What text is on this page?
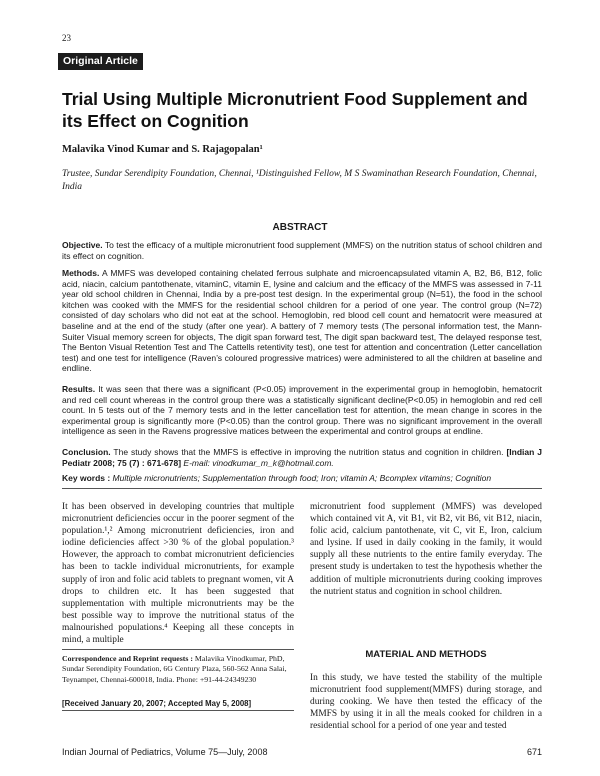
23
Original Article
Trial Using Multiple Micronutrient Food Supplement and its Effect on Cognition
Malavika Vinod Kumar and S. Rajagopalan¹
Trustee, Sundar Serendipity Foundation, Chennai, ¹Distinguished Fellow, M S Swaminathan Research Foundation, Chennai, India
ABSTRACT
Objective. To test the efficacy of a multiple micronutrient food supplement (MMFS) on the nutrition status of school children and its effect on cognition.
Methods. A MMFS was developed containing chelated ferrous sulphate and microencapsulated vitamin A, B2, B6, B12, folic acid, niacin, calcium pantothenate, vitaminC, vitamin E, lysine and calcium and the efficacy of the MMFS was assessed in 7-11 year old school children in Chennai, India by a pre-post test design. In the experimental group (N=51), the food in the school kitchen was cooked with the MMFS for the residential school children for a period of one year. The control group (N=72) consisted of day scholars who did not eat at the school. Hemoglobin, red blood cell count and hematocrit were measured at baseline and at the end of the study (after one year). A battery of 7 memory tests (The personal information test, the Mann-Suiter Visual memory screen for objects, The digit span forward test, The digit span backward test, The delayed response test, The Benton Visual Retention Test and The Cattells retentivity test), one test for attention and concentration (Letter cancellation test) and one test for intelligence (Raven’s coloured progressive matrices) were administered to all the children at baseline and endline.
Results. It was seen that there was a significant (P<0.05) improvement in the experimental group in hemoglobin, hematocrit and red cell count whereas in the control group there was a statistically significant decline(P<0.05) in hemoglobin and red cell count. In 5 tests out of the 7 memory tests and in the letter cancellation test for attention, the mean change in scores in the experimental group is significantly more (P<0.05) than the control group. There was no significant improvement in the overall intelligence as seen in the Ravens progressive matices between the experimental and control groups at endline.
Conclusion. The study shows that the MMFS is effective in improving the nutrition status and cognition in children. [Indian J Pediatr 2008; 75 (7) : 671-678] E-mail: vinodkumar_m_k@hotmail.com.
Key words : Multiple micronutrients; Supplementation through food; Iron; vitamin A; Bcomplex vitamins; Cognition
It has been observed in developing countries that multiple micronutrient deficiencies occur in the poorer segment of the population.¹,² Among micronutrient deficiencies, iron and iodine deficiencies affect >30 % of the global population.³ However, the approach to combat micronutrient deficiencies has been to tackle individual micronutrients, for example supply of iron and folic acid tablets to pregnant women, vit A drops to children etc. It has been suggested that supplementation with multiple micronutrients may be the best possible way to improve the nutritional status of the malnourished populations.⁴ Keeping all these concepts in mind, a multiple
micronutrient food supplement (MMFS) was developed which contained vit A, vit B1, vit B2, vit B6, vit B12, niacin, folic acid, calcium pantothenate, vit C, vit E, Iron, calcium and lysine. If used in daily cooking in the family, it would supply all these nutrients to the entire family everyday. The present study is undertaken to test the hypothesis whether the addition of multiple micronutrients during cooking improves the nutrient status and cognition in school children.
MATERIAL AND METHODS
In this study, we have tested the stability of the multiple micronutrient food supplement(MMFS) during storage, and during cooking. We have then tested the efficacy of the MMFS by using it in all the meals cooked for children in a residential school for a period of one year and tested
Correspondence and Reprint requests : Malavika Vinodkumar, PhD, Sundar Serendipity Foundation, 6G Century Plaza, 560-562 Anna Salai, Teynampet, Chennai-600018, India. Phone: +91-44-24349230
[Received January 20, 2007; Accepted May 5, 2008]
Indian Journal of Pediatrics, Volume 75—July, 2008	671
